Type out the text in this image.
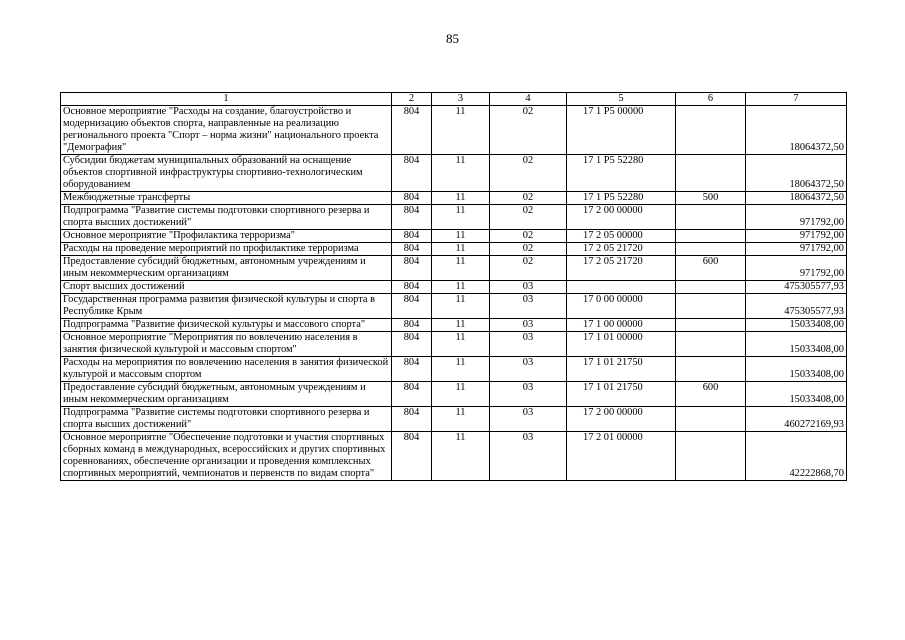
85
1	2	3	4	5	6	7
Основное мероприятие "Расходы на создание, благоустройство и модернизацию объектов спорта, направленные на реализацию регионального проекта "Спорт – норма жизни" национального проекта "Демография"	804	11	02	17 1 P5 00000		18064372,50
Субсидии бюджетам муниципальных образований на оснащение объектов спортивной инфраструктуры спортивно-технологическим оборудованием	804	11	02	17 1 P5 52280		18064372,50
Межбюджетные трансферты	804	11	02	17 1 P5 52280	500	18064372,50
Подпрограмма "Развитие системы подготовки спортивного резерва и спорта высших достижений"	804	11	02	17 2 00 00000		971792,00
Основное мероприятие "Профилактика терроризма"	804	11	02	17 2 05 00000		971792,00
Расходы на проведение мероприятий по профилактике терроризма	804	11	02	17 2 05 21720		971792,00
Предоставление субсидий бюджетным, автономным учреждениям и иным некоммерческим организациям	804	11	02	17 2 05 21720	600	971792,00
Спорт высших достижений	804	11	03			475305577,93
Государственная программа развития физической культуры и спорта в Республике Крым	804	11	03	17 0 00 00000		475305577,93
Подпрограмма "Развитие физической культуры и массового спорта"	804	11	03	17 1 00 00000		15033408,00
Основное мероприятие "Мероприятия по вовлечению населения в занятия физической культурой и массовым спортом"	804	11	03	17 1 01 00000		15033408,00
Расходы на мероприятия по вовлечению населения в занятия физической культурой и массовым спортом	804	11	03	17 1 01 21750		15033408,00
Предоставление субсидий бюджетным, автономным учреждениям и иным некоммерческим организациям	804	11	03	17 1 01 21750	600	15033408,00
Подпрограмма "Развитие системы подготовки спортивного резерва и спорта высших достижений"	804	11	03	17 2 00 00000		460272169,93
Основное мероприятие "Обеспечение подготовки и участия спортивных сборных команд в международных, всероссийских и других спортивных соревнованиях, обеспечение организации и проведения комплексных спортивных мероприятий, чемпионатов и первенств по видам спорта"	804	11	03	17 2 01 00000		42222868,70
